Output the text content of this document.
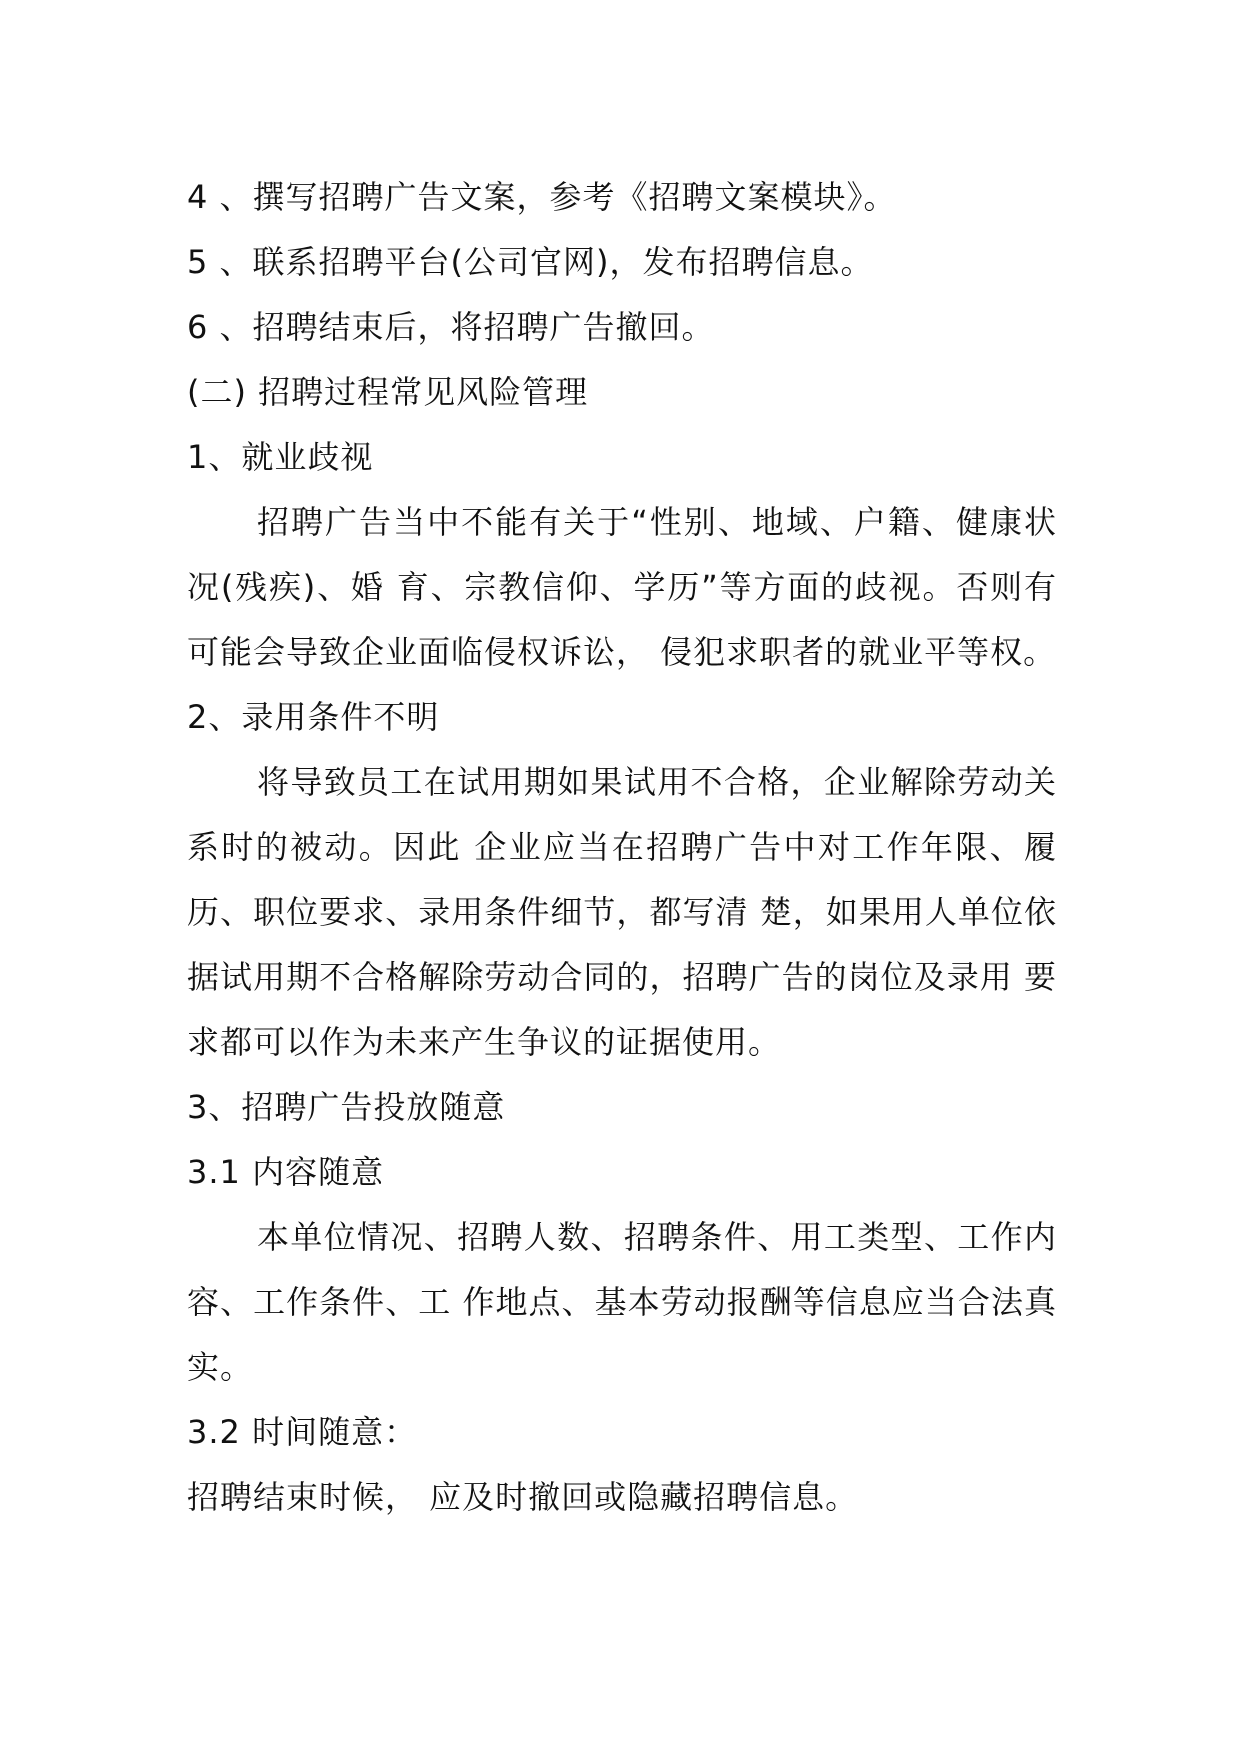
4 、撰写招聘广告文案，参考《招聘文案模块》。

5 、联系招聘平台(公司官网)，发布招聘信息。

6 、招聘结束后，将招聘广告撤回。

(二) 招聘过程常见风险管理

1、就业歧视

招聘广告当中不能有关于“性别、地域、户籍、健康状况(残疾)、婚 育、宗教信仰、学历”等方面的歧视。否则有可能会导致企业面临侵权诉讼， 侵犯求职者的就业平等权。

2、录用条件不明

将导致员工在试用期如果试用不合格，企业解除劳动关系时的被动。因此 企业应当在招聘广告中对工作年限、履历、职位要求、录用条件细节，都写清 楚，如果用人单位依据试用期不合格解除劳动合同的，招聘广告的岗位及录用 要求都可以作为未来产生争议的证据使用。

3、招聘广告投放随意

3.1 内容随意

本单位情况、招聘人数、招聘条件、用工类型、工作内容、工作条件、工 作地点、基本劳动报酬等信息应当合法真实。

3.2 时间随意：

招聘结束时候， 应及时撤回或隐藏招聘信息。
